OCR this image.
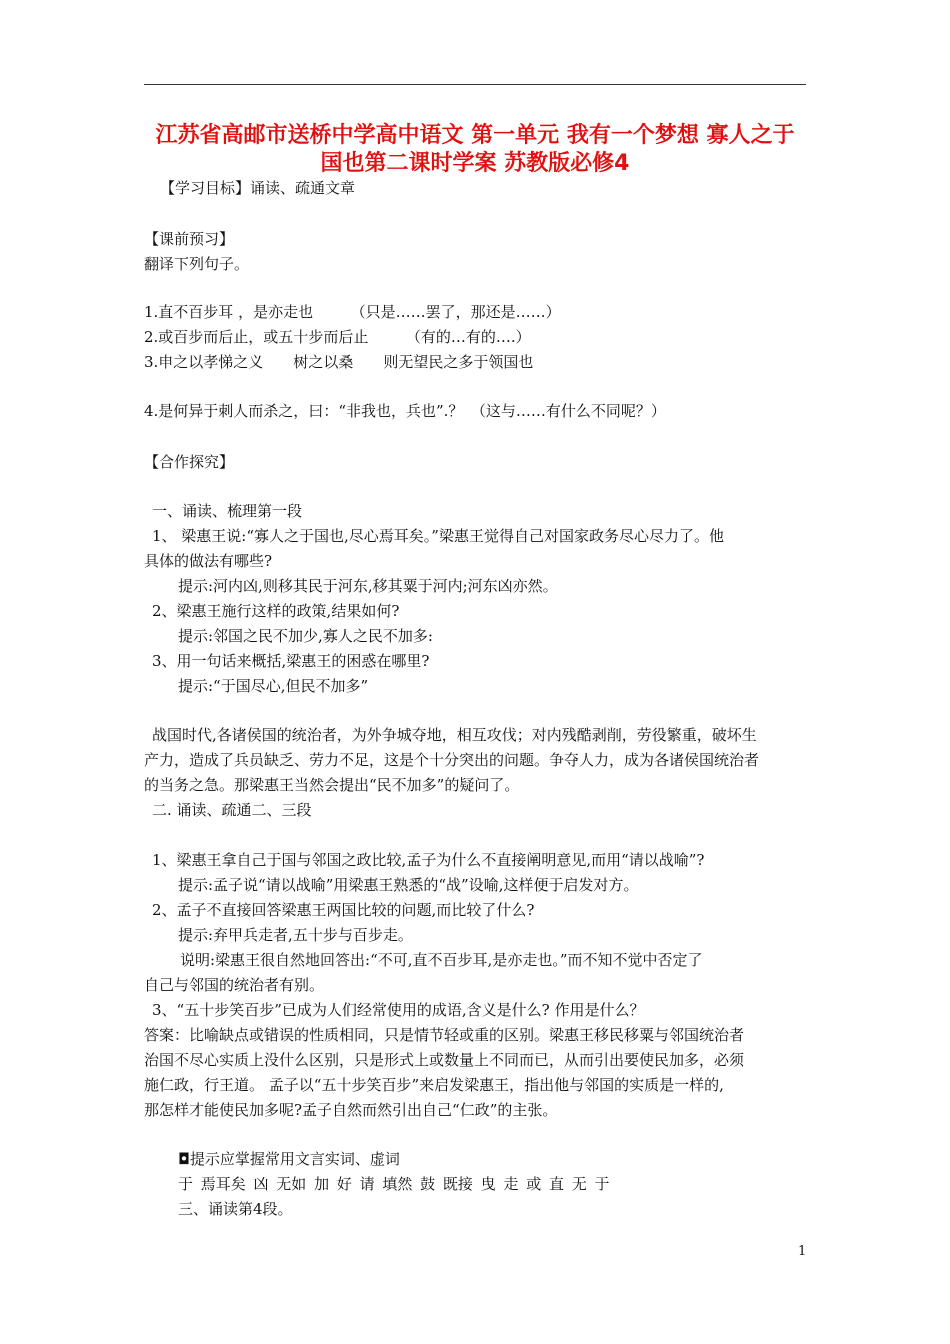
江苏省高邮市送桥中学高中语文 第一单元 我有一个梦想 寡人之于
国也第二课时学案 苏教版必修4
【学习目标】诵读、疏通文章
【课前预习】
翻译下列句子。
1.直不百步耳 ，是亦走也　　　（只是……罢了，那还是……）
2.或百步而后止，或五十步而后止　　　（有的…有的….）
3.申之以孝悌之义　　树之以桑　　则无望民之多于领国也
4.是何异于刺人而杀之，曰：“非我也，兵也”.？　（这与……有什么不同呢？）
【合作探究】
一、诵读、梳理第一段
1、 梁惠王说:“寡人之于国也,尽心焉耳矣。”梁惠王觉得自己对国家政务尽心尽力了。他
具体的做法有哪些?
提示:河内凶,则移其民于河东,移其粟于河内;河东凶亦然。
2、梁惠王施行这样的政策,结果如何?
提示:邻国之民不加少,寡人之民不加多:
3、用一句话来概括,梁惠王的困惑在哪里?
提示:“于国尽心,但民不加多”
战国时代,各诸侯国的统治者，为外争城夺地，相互攻伐；对内残酷剥削，劳役繁重，破坏生
产力，造成了兵员缺乏、劳力不足，这是个十分突出的问题。争夺人力，成为各诸侯国统治者
的当务之急。那梁惠王当然会提出“民不加多”的疑问了。
二. 诵读、疏通二、三段
1、梁惠王拿自己于国与邻国之政比较,孟子为什么不直接阐明意见,而用“请以战喻”?
提示:孟子说“请以战喻”用梁惠王熟悉的“战”设喻,这样便于启发对方。
2、孟子不直接回答梁惠王两国比较的问题,而比较了什么?
提示:弃甲兵走者,五十步与百步走。
说明:梁惠王很自然地回答出:“不可,直不百步耳,是亦走也。”而不知不觉中否定了
自己与邻国的统治者有别。
3、“五十步笑百步”已成为人们经常使用的成语,含义是什么? 作用是什么？
答案：比喻缺点或错误的性质相同，只是情节轻或重的区别。梁惠王移民移粟与邻国统治者
治国不尽心实质上没什么区别，只是形式上或数量上不同而已，从而引出要使民加多，必须
施仁政，行王道。 孟子以“五十步笑百步”来启发梁惠王，指出他与邻国的实质是一样的,
那怎样才能使民加多呢?孟子自然而然引出自己“仁政”的主张。
◘提示应掌握常用文言实词、虚词
于 焉耳矣 凶 无如 加 好 请 填然 鼓 既接 曳 走 或 直 无 于
三、诵读第4段。
1
